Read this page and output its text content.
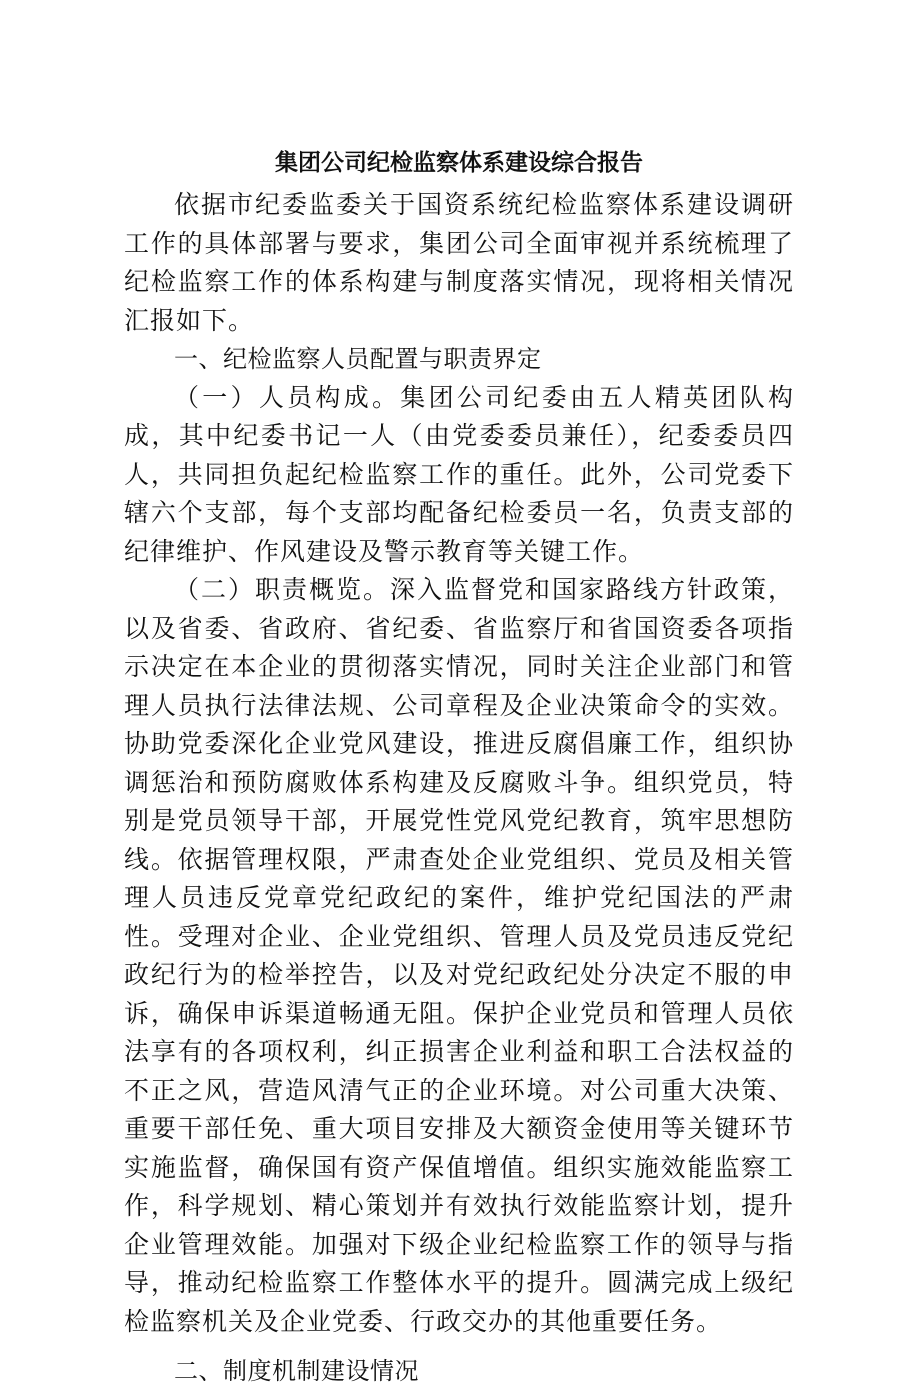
集团公司纪检监察体系建设综合报告

依据市纪委监委关于国资系统纪检监察体系建设调研工作的具体部署与要求，集团公司全面审视并系统梳理了纪检监察工作的体系构建与制度落实情况，现将相关情况汇报如下。

一、纪检监察人员配置与职责界定

（一）人员构成。集团公司纪委由五人精英团队构成，其中纪委书记一人（由党委委员兼任），纪委委员四人，共同担负起纪检监察工作的重任。此外，公司党委下辖六个支部，每个支部均配备纪检委员一名，负责支部的纪律维护、作风建设及警示教育等关键工作。

（二）职责概览。深入监督党和国家路线方针政策，以及省委、省政府、省纪委、省监察厅和省国资委各项指示决定在本企业的贯彻落实情况，同时关注企业部门和管理人员执行法律法规、公司章程及企业决策命令的实效。协助党委深化企业党风建设，推进反腐倡廉工作，组织协调惩治和预防腐败体系构建及反腐败斗争。组织党员，特别是党员领导干部，开展党性党风党纪教育，筑牢思想防线。依据管理权限，严肃查处企业党组织、党员及相关管理人员违反党章党纪政纪的案件，维护党纪国法的严肃性。受理对企业、企业党组织、管理人员及党员违反党纪政纪行为的检举控告，以及对党纪政纪处分决定不服的申诉，确保申诉渠道畅通无阻。保护企业党员和管理人员依法享有的各项权利，纠正损害企业利益和职工合法权益的不正之风，营造风清气正的企业环境。对公司重大决策、重要干部任免、重大项目安排及大额资金使用等关键环节实施监督，确保国有资产保值增值。组织实施效能监察工作，科学规划、精心策划并有效执行效能监察计划，提升企业管理效能。加强对下级企业纪检监察工作的领导与指导，推动纪检监察工作整体水平的提升。圆满完成上级纪检监察机关及企业党委、行政交办的其他重要任务。

二、制度机制建设情况
